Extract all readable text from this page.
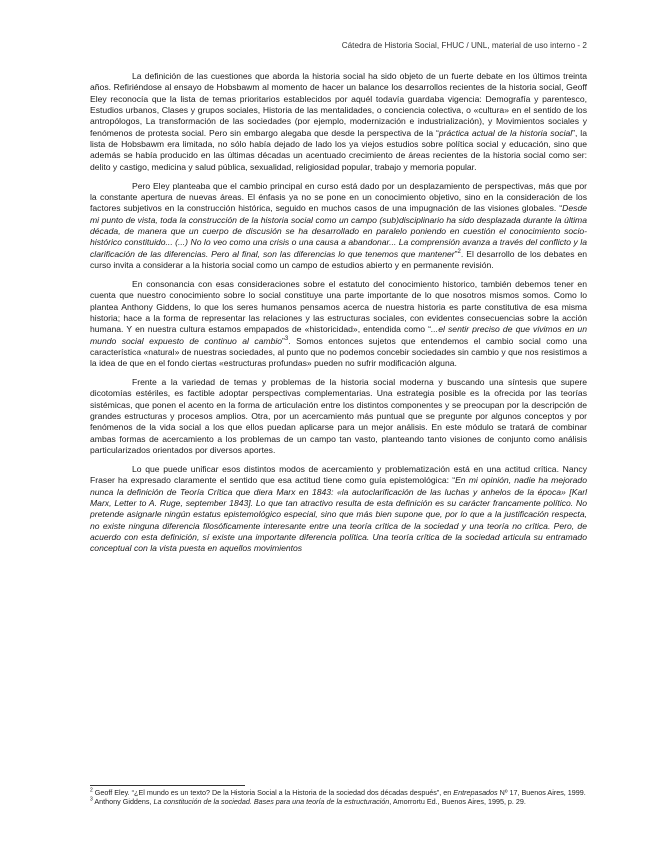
Cátedra de Historia Social, FHUC / UNL, material de uso interno - 2

La definición de las cuestiones que aborda la historia social ha sido objeto de un fuerte debate en los últimos treinta años. Refiriéndose al ensayo de Hobsbawm al momento de hacer un balance los desarrollos recientes de la historia social, Geoff Eley reconocía que la lista de temas prioritarios establecidos por aquél todavía guardaba vigencia: Demografía y parentesco, Estudios urbanos, Clases y grupos sociales, Historia de las mentalidades, o conciencia colectiva, o «cultura» en el sentido de los antropólogos, La transformación de las sociedades (por ejemplo, modernización e industrialización), y Movimientos sociales y fenómenos de protesta social. Pero sin embargo alegaba que desde la perspectiva de la “práctica actual de la historia social”, la lista de Hobsbawm era limitada, no sólo había dejado de lado los ya viejos estudios sobre política social y educación, sino que además se había producido en las últimas décadas un acentuado crecimiento de áreas recientes de la historia social como ser: delito y castigo, medicina y salud pública, sexualidad, religiosidad popular, trabajo y memoria popular.

Pero Eley planteaba que el cambio principal en curso está dado por un desplazamiento de perspectivas, más que por la constante apertura de nuevas áreas. El énfasis ya no se pone en un conocimiento objetivo, sino en la consideración de los factores subjetivos en la construcción histórica, seguido en muchos casos de una impugnación de las visiones globales. “Desde mi punto de vista, toda la construcción de la historia social como un campo (sub)disciplinario ha sido desplazada durante la última década, de manera que un cuerpo de discusión se ha desarrollado en paralelo poniendo en cuestión el conocimiento socio-histórico constituido... (...) No lo veo como una crisis o una causa a abandonar... La comprensión avanza a través del conflicto y la clarificación de las diferencias. Pero al final, son las diferencias lo que tenemos que mantener”$^2$. El desarrollo de los debates en curso invita a considerar a la historia social como un campo de estudios abierto y en permanente revisión.

En consonancia con esas consideraciones sobre el estatuto del conocimiento historico, también debemos tener en cuenta que nuestro conocimiento sobre lo social constituye una parte importante de lo que nosotros mismos somos. Como lo plantea Anthony Giddens, lo que los seres humanos pensamos acerca de nuestra historia es parte constitutiva de esa misma historia; hace a la forma de representar las relaciones y las estructuras sociales, con evidentes consecuencias sobre la acción humana. Y en nuestra cultura estamos empapados de «historicidad», entendida como “...el sentir preciso de que vivimos en un mundo social expuesto de continuo al cambio”$^3$. Somos entonces sujetos que entendemos el cambio social como una característica «natural» de nuestras sociedades, al punto que no podemos concebir sociedades sin cambio y que nos resistimos a la idea de que en el fondo ciertas «estructuras profundas» pueden no sufrir modificación alguna.

Frente a la variedad de temas y problemas de la historia social moderna y buscando una síntesis que supere dicotomías estériles, es factible adoptar perspectivas complementarias. Una estrategia posible es la ofrecida por las teorías sistémicas, que ponen el acento en la forma de articulación entre los distintos componentes y se preocupan por la descripción de grandes estructuras y procesos amplios. Otra, por un acercamiento más puntual que se pregunte por algunos conceptos y por fenómenos de la vida social a los que ellos puedan aplicarse para un mejor análisis. En este módulo se tratará de combinar ambas formas de acercamiento a los problemas de un campo tan vasto, planteando tanto visiones de conjunto como análisis particularizados orientados por diversos aportes.

Lo que puede unificar esos distintos modos de acercamiento y problematización está en una actitud crítica. Nancy Fraser ha expresado claramente el sentido que esa actitud tiene como guía epistemológica: “En mi opinión, nadie ha mejorado nunca la definición de Teoría Crítica que diera Marx en 1843: «la autoclarificación de las luchas y anhelos de la época» [Karl Marx, Letter to A. Ruge, september 1843]. Lo que tan atractivo resulta de esta definición es su carácter francamente político. No pretende asignarle ningún estatus epistemológico especial, sino que más bien supone que, por lo que a la justificación respecta, no existe ninguna diferencia filosóficamente interesante entre una teoría crítica de la sociedad y una teoría no crítica. Pero, de acuerdo con esta definición, sí existe una importante diferencia política. Una teoría crítica de la sociedad articula su entramado conceptual con la vista puesta en aquellos movimientos

$^2$ Geoff Eley. “¿El mundo es un texto? De la Historia Social a la Historia de la sociedad dos décadas después”, en Entrepasados Nº 17, Buenos Aires, 1999.

$^3$ Anthony Giddens, La constitución de la sociedad. Bases para una teoría de la estructuración, Amorrortu Ed., Buenos Aires, 1995, p. 29.
